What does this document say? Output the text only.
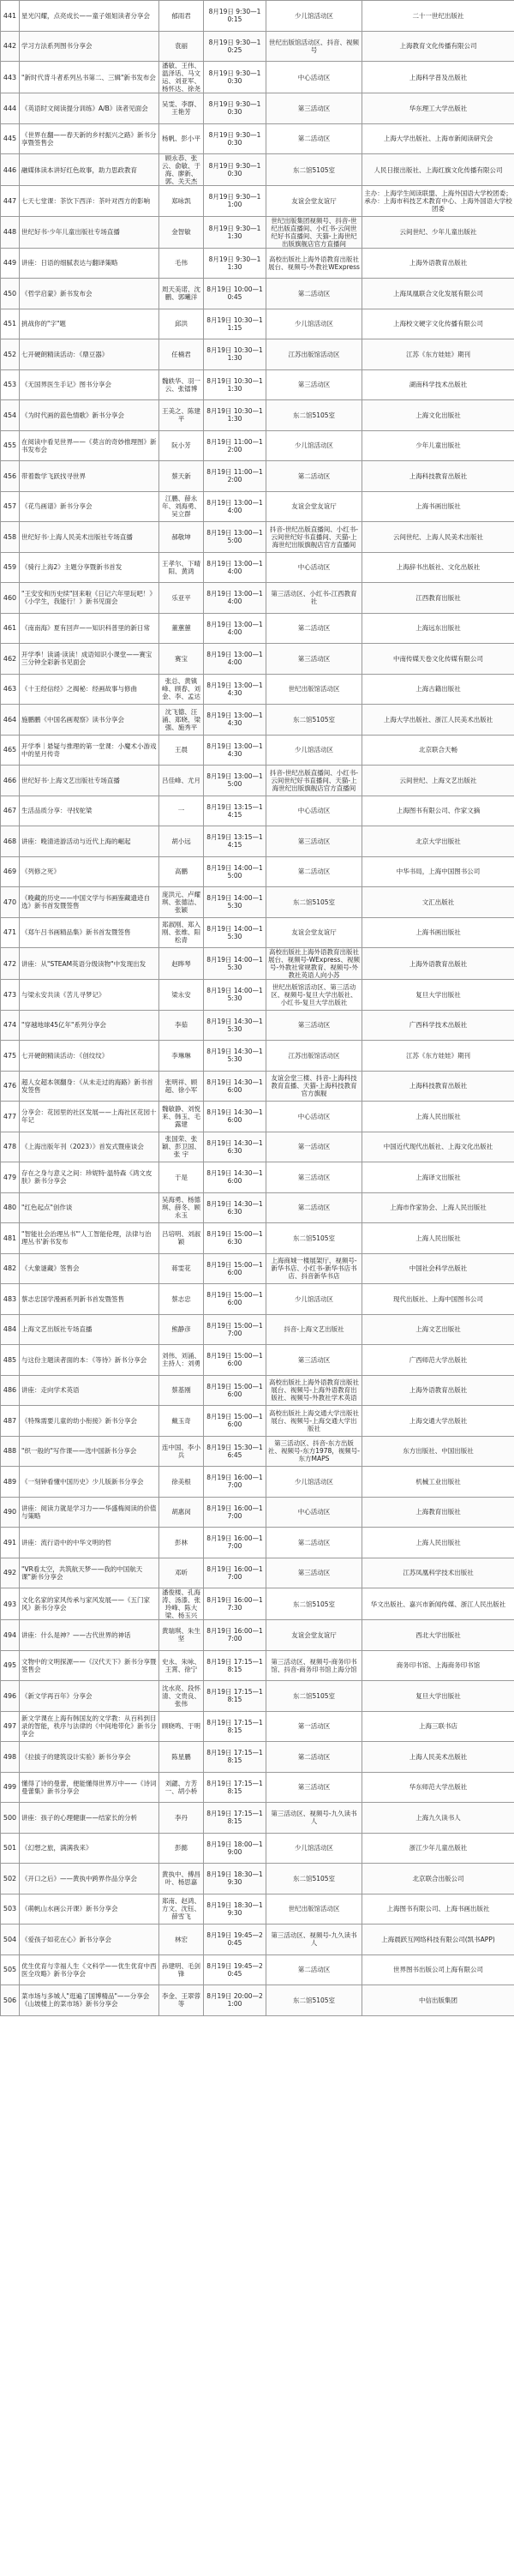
441	星光闪耀，点亮成长——童子姐姐读者分享会	郁雨君	8月19日 9:30—10:15	少儿馆活动区	二十一世纪出版社
442	学习方法系列图书分享会	袁丽	8月19日 9:30—10:25	世纪出版馆活动区、抖音、视频号	上海教育文化传播有限公司
443	"新时代背斗者系列丛书第二、三辑"新书发布会	潘敏、王伟、温泽话、马文运、刘亚军、杨怀达、徐尧	8月19日 9:30—10:30	中心活动区	上海科学普及出版社
444	《英语时文阅读提分训练》A/B》读者见面会	吴雯、李群、王艳芳	8月19日 9:30—10:30	第三活动区	华东理工大学出版社
445	《世界在翻——春天新的乡村振兴之路》新书分享暨签售会	杨帆、彭小平	8月19日 9:30—10:30	第二活动区	上海大学出版社、上海市新阅读研究会
446	融媒体读本讲好红色故事，助力思政教育	顾永恭、张云、俞敏、于海、廖新、郭、关天杰	8月19日 9:30—10:30	东二馆5105室	人民日报出版社、上海红旗文化传播有限公司
447	七天七堂课：茶饮下西洋：茶叶对西方的影响	郑咏凯	8月19日 9:30—11:00	友谊会堂友谊厅	主办：上海学生阅读联盟、上海外国语大学校团委；承办：上海市科技艺术教育中心、上海外国语大学校团委
448	世纪好书·少年儿童出版社专场直播	金智敏	8月19日 9:30—11:30	世纪出版集团视频号、抖音-世纪出版直播间、小红书-云间世纪好书直播间、天猫-上海世纪出版旗舰店官方直播间	云间世纪、少年儿童出版社
449	讲座：日语的细腻表达与翻译策略	毛伟	8月19日 9:30—11:30	高校出版社上海外语教育出版社展台、视频号-外教社WExpress	上海外语教育出版社
450	《哲学启蒙》新书发布会	周天美诺、沈鹏、郭曦洋	8月19日 10:00—10:45	第二活动区	上海凤凰联合文化发展有限公司
451	挑战你的"字"题	邱洪	8月19日 10:30—11:15	少儿馆活动区	上海校文硬字文化传播有限公司
452	七开硬朗精读活动：《鼎豆器》	任楠君	8月19日 10:30—11:30	江苏出版馆活动区	江苏《东方娃娃》期刊
453	《无国界医生手记》图书分享会	魏轶华、羽一云、张镭博	8月19日 10:30—11:30	第三活动区	湖南科学技术出版社
454	《为时代画的蓝色情歌》新书分享会	王美之、陈建平	8月19日 10:30—11:30	东二馆5105室	上海文化出版社
455	在阅读中看见世界——《莫言的奇妙推理图》新书发布会	阮小芳	8月19日 11:00—12:00	少儿馆活动区	少年儿童出版社
456	带着数学飞跃找寻世界	蔡天新	8月19日 11:00—12:00	第二活动区	上海科技教育出版社
457	《花鸟画谱》新书分享会	江鹏、薛永年、刘海勇、吴立群	8月19日 13:00—14:00	友谊会堂友谊厅	上海书画出版社
458	世纪好书·上海人民美术出版社专场直播	郝敬坤	8月19日 13:00—15:00	抖音-世纪出版直播间、小红书-云间世纪好书直播间、天猫-上海世纪出版旗舰店官方直播间	云间世纪、上海人民美术出版社
459	《骑行上海2》主题分享暨新书首发	王孝尔、下晴阳、黄鸿	8月19日 13:00—14:00	中心活动区	上海辞书出版社、文化出版社
460	"王安安和历史续"回来啦《日记六年里玩吧！》《小学生，我能行！》新书见面会	乐亚平	8月19日 13:00—14:00	第三活动区、小红书-江西教育社	江西教育出版社
461	《南南海》夏有回声——知识科普里的新日常	董蕙蕙	8月19日 13:00—14:00	第二活动区	上海远东出版社
462	开学季！读诵·读读！成语知识小课堂——赛宝三分钟全彩新书见面会	赛宝	8月19日 13:00—14:00	第三活动区	中南传媒天卷文化传媒有限公司
463	《十王经信经》之揭秘：经画故事与修曲	张总、黄镇峰、顾春、刘金、李、孟达	8月19日 13:00—14:30	世纪出版馆活动区	上海古籍出版社
464	施鹏鹏《中国名画观察》读书分享会	沈飞德、汪涌、郑晓、梁强、施秀平	8月19日 13:00—14:30	东二馆5105室	上海大学出版社、浙江人民美术出版社
465	开学季｜悬疑与推理的第一堂课：小魔术小游戏中的星月传奇	王晨	8月19日 13:00—14:30	少儿馆活动区	北京联合天畅
466	世纪好书·上海文艺出版社专场直播	吕佳峰、尤月	8月19日 13:00—15:00	抖音-世纪出版直播间、小红书-云间世纪好书直播间、天猫-上海世纪出版旗舰店官方直播间	云间世纪、上海文艺出版社
467	生活品质分享：寻找驼梁	一	8月19日 13:15—14:15	中心活动区	上海图书有限公司、作家文摘
468	讲座：晚清进游活动与近代上海的崛起	胡小远	8月19日 13:15—14:15	第三活动区	北京大学出版社
469	《列修之死》	高鹏	8月19日 14:00—15:00	第二活动区	中华书局，上海中国图书公司
470	《晚藏的历史——中国文学与书画鉴藏遗迹自选》新书首发暨签售	庞洪元、卢耀琪、张德洁、张颖	8月19日 14:00—15:30	东二馆5105室	文汇出版社
471	《郑午吕书画精品集》新书首发暨签售	郑淑刚、郑入刚、张维、阳松青	8月19日 14:00—15:30	友谊会堂友谊厅	上海书画出版社
472	讲座：从"STEAM英语分级读物"中发现出发	赵晔琴	8月19日 14:00—15:30	高校出版社上海外语教育出版社展台、视频号-WExpress、视频号-外教社常规教育、视频号-外教社英语人向小苏	上海外语教育出版社
473	与梁永安共读《苦儿寻梦记》	梁永安	8月19日 14:00—15:30	世纪出版馆活动区、第三活动区、视频号-复旦大学出版社、小红书-复旦大学出版社	复旦大学出版社
474	"穿越地球45亿年"系列分享会	李茹	8月19日 14:30—15:30	第三活动区	广西科学技术出版社
475	七开硬朗精读活动：《创纹纹》	李琳琳	8月19日 14:30—15:30	江苏出版馆活动区	江苏《东方娃娃》期刊
476	超人女超本领翻身：《从未走过的海路》新书首发签售	张明祥、顾超、徐小军	8月19日 14:30—16:00	友谊会堂三楼、抖音-上海科技教育直播、天猫-上海科技教育官方旗舰	上海科技教育出版社
477	分享会：花园里的社区发展——上海社区花园十年记	魏敏静、刘悦来、韩玉、毛露建	8月19日 14:30—16:00	中心活动区	上海人民出版社
478	《上海出版年刊（2023）》首发式暨座谈会	张国荣、张颖、彭卫国、张 宇	8月19日 14:30—16:30	第一活动区	中国近代现代出版社、上海文化出版社
479	存在之身与意义之间：珍妮特·温特森《鸿文皮肤》新书分享会	于是	8月19日 14:30—16:00	第三活动区	上海译文出版社
480	"红色起点"创作谈	吴海勇、杨德琪、薛冬、顾永玉	8月19日 14:30—16:30	第二活动区	上海市作家协会、上海人民出版社
481	"智能社会治理丛书"'人工智能伦理，法律与治理丛书'新书发布	吕培明、刘淑颖	8月19日 15:00—16:30	东二馆5105室	上海人民出版社
482	《大象谜藏》签售会	蒋雯花	8月19日 15:00—16:00	上海商城一楼展架厅、视频号-新华书店、小红书-新华书店书店、抖音新华书店	中国社会科学出版社
483	蔡志忠国学漫画系列新书首发暨签售	蔡志忠	8月19日 15:00—16:00	少儿馆活动区	现代出版社、上海中国图书公司
484	上海文艺出版社专场直播	熊静彦	8月19日 15:00—17:00	抖音-上海文艺出版社	上海文艺出版社
485	与这份主题读者面的本：《等待》新书分享会	刘伟、刘涌、主持人：刘勇	8月19日 15:00—16:00	第三活动区	广西师范大学出版社
486	讲座：走向学术英语	蔡基刚	8月19日 15:00—16:00	高校出版社上海外语教育出版社展台、视频号-上海外语教育出版社、视频号-外教社学术英语	上海外语教育出版社
487	《特殊需要儿童的幼小衔接》新书分享会	戴玉奇	8月19日 15:00—16:00	高校出版社上海交通大学出版社展台、视频号-上海交通大学出版社	上海交通大学出版社
488	"织一般的"写作课——选中国新书分享会	连中国、李小兵	8月19日 15:30—16:45	第三活动区、抖音-东方出版社、视频号-东方1978，视频号-东方MAPS	东方出版社、中国出版社
489	《一刻钟看懂中国历史》少儿版新书分享会	徐美根	8月19日 16:00—17:00	少儿馆活动区	机械工业出版社
490	讲座：阅读力就是学习力——华盛梅阅读的价值与策略	胡惠闵	8月19日 16:00—17:00	中心活动区	上海教育出版社
491	讲座：流行语中的中华文明的哲	彭林	8月19日 16:00—17:00	第二活动区	上海人民出版社
492	"VR看太空，共筑航天梦——我的中国航天课"新书分享会	邓昕	8月19日 16:00—17:00	第三活动区	江苏凤凰科学技术出版社
493	文化名家的家风传承与家风发展——《五门家风》新书分享会	潘俊楼、孔海涛、汤漆、张玲峰、陈大梁、杨玉兴	8月19日 16:00—17:30	东二馆5105室	华文出版社、嘉兴市新闻传媒、浙江人民出版社
494	讲座：什么是神？——古代世界的神话	黄瑞琪、朱生坚	8月19日 16:00—17:00	友谊会堂友谊厅	西北大学出版社
495	文物中的文明探源——《汉代天下》新书分享暨签售会	史永、朱咏、王霄、徐宁	8月19日 17:15—18:15	第三活动区、视频号-商务印书馆、抖音-商务印书馆上海分馆	商务印书馆、上海商务印书馆
496	《新文学再百年》分享会	沈水亮、段怀清、文贵良、张伟	8月19日 17:15—18:15	东二馆5105室	复旦大学出版社
497	新文学课在上海有韩国友的文学教：从百科到目录的智能，秩序与法律的《中间地带化》新书分享会	顾晓鸣、于明	8月19日 17:15—18:15	第一活动区	上海三联书店
498	《拉拔子的建筑设计实验》新书分享会	陈星鹏	8月19日 17:15—18:15	第二活动区	上海人民美术出版社
499	懂得了诗的曼蕾，便能懂得世界万中——《诗词曼蕾集》新书分享会	刘勰、方芳一、胡小桥	8月19日 17:15—18:15	第三活动区	华东师范大学出版社
500	讲座：孩子的心理健康——结家长的分析	李丹	8月19日 17:15—18:15	第三活动区、视频号-九久读书人	上海九久读书人
501	《幻想之旅，满满我来》	彭懿	8月19日 18:00—19:00	少儿馆活动区	浙江少年儿童出版社
502	《开口之后》——黄执中跨界作品分享会	黄执中、傅昌叶、杨思嘉	8月19日 18:30—19:30	东二馆5105室	北京联合出版公司
503	《萌帆山水画公开课》新书分享会	郑南、赵鸿、方文、沈钰、薛雪飞	8月19日 18:30—19:30	世纪出版馆活动区	上海图书有限公司、上海书画出版社
504	《爱孩子如花在心》新书分享会	林宏	8月19日 19:45—20:45	第三活动区、视频号-九久读书人	上海晨跃互网络科技有限公司(凯书APP)
505	优生优育与幸福人生《文科学——优生优育中西医全攻略》新书分享会	孙建明、毛剑锋	8月19日 19:45—20:45	第二活动区	世界图书出版公司上海有限公司
506	菜市场与多城人"逛遍了国博精品"——分享会《山坡楼上的菜市场》新书分享会	李金、王翠蓉等	8月19日 20:00—21:00	东二馆5105室	中信出版集团
